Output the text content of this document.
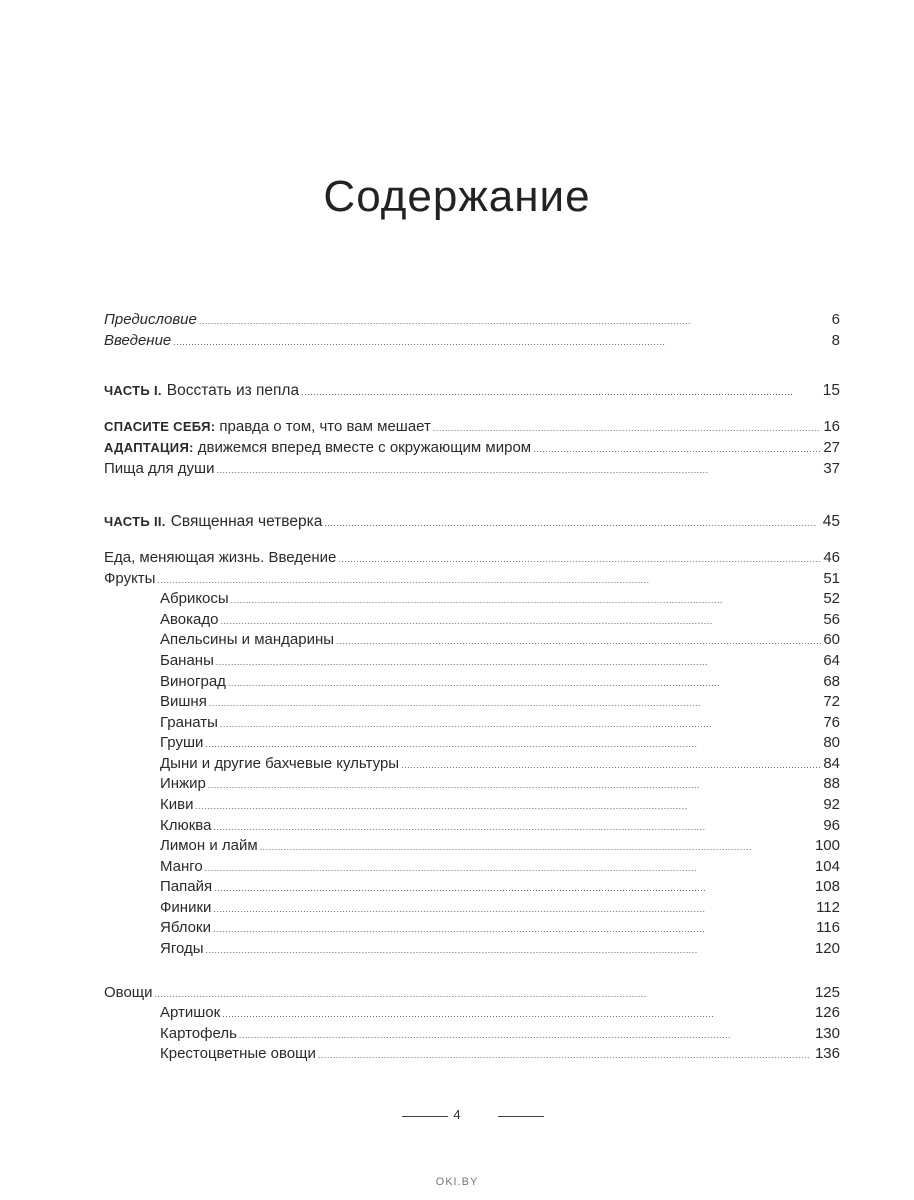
Содержание
Предисловие . . .	6
Введение . . .	8
ЧАСТЬ I. Восстать из пепла . . .	15
СПАСИТЕ СЕБЯ: правда о том, что вам мешает . . .	16
АДАПТАЦИЯ: движемся вперед вместе с окружающим миром . . .	27
Пища для души . . .	37
ЧАСТЬ II. Священная четверка . . .	45
Еда, меняющая жизнь. Введение . . .	46
Фрукты . . .	51
Абрикосы . . .	52
Авокадо . . .	56
Апельсины и мандарины . . .	60
Бананы . . .	64
Виноград . . .	68
Вишня . . .	72
Гранаты . . .	76
Груши . . .	80
Дыни и другие бахчевые культуры . . .	84
Инжир . . .	88
Киви . . .	92
Клюква . . .	96
Лимон и лайм . . .	100
Манго . . .	104
Папайя . . .	108
Финики . . .	112
Яблоки . . .	116
Ягоды . . .	120
Овощи . . .	125
Артишок . . .	126
Картофель . . .	130
Крестоцветные овощи . . .	136
4
OKI.BY
